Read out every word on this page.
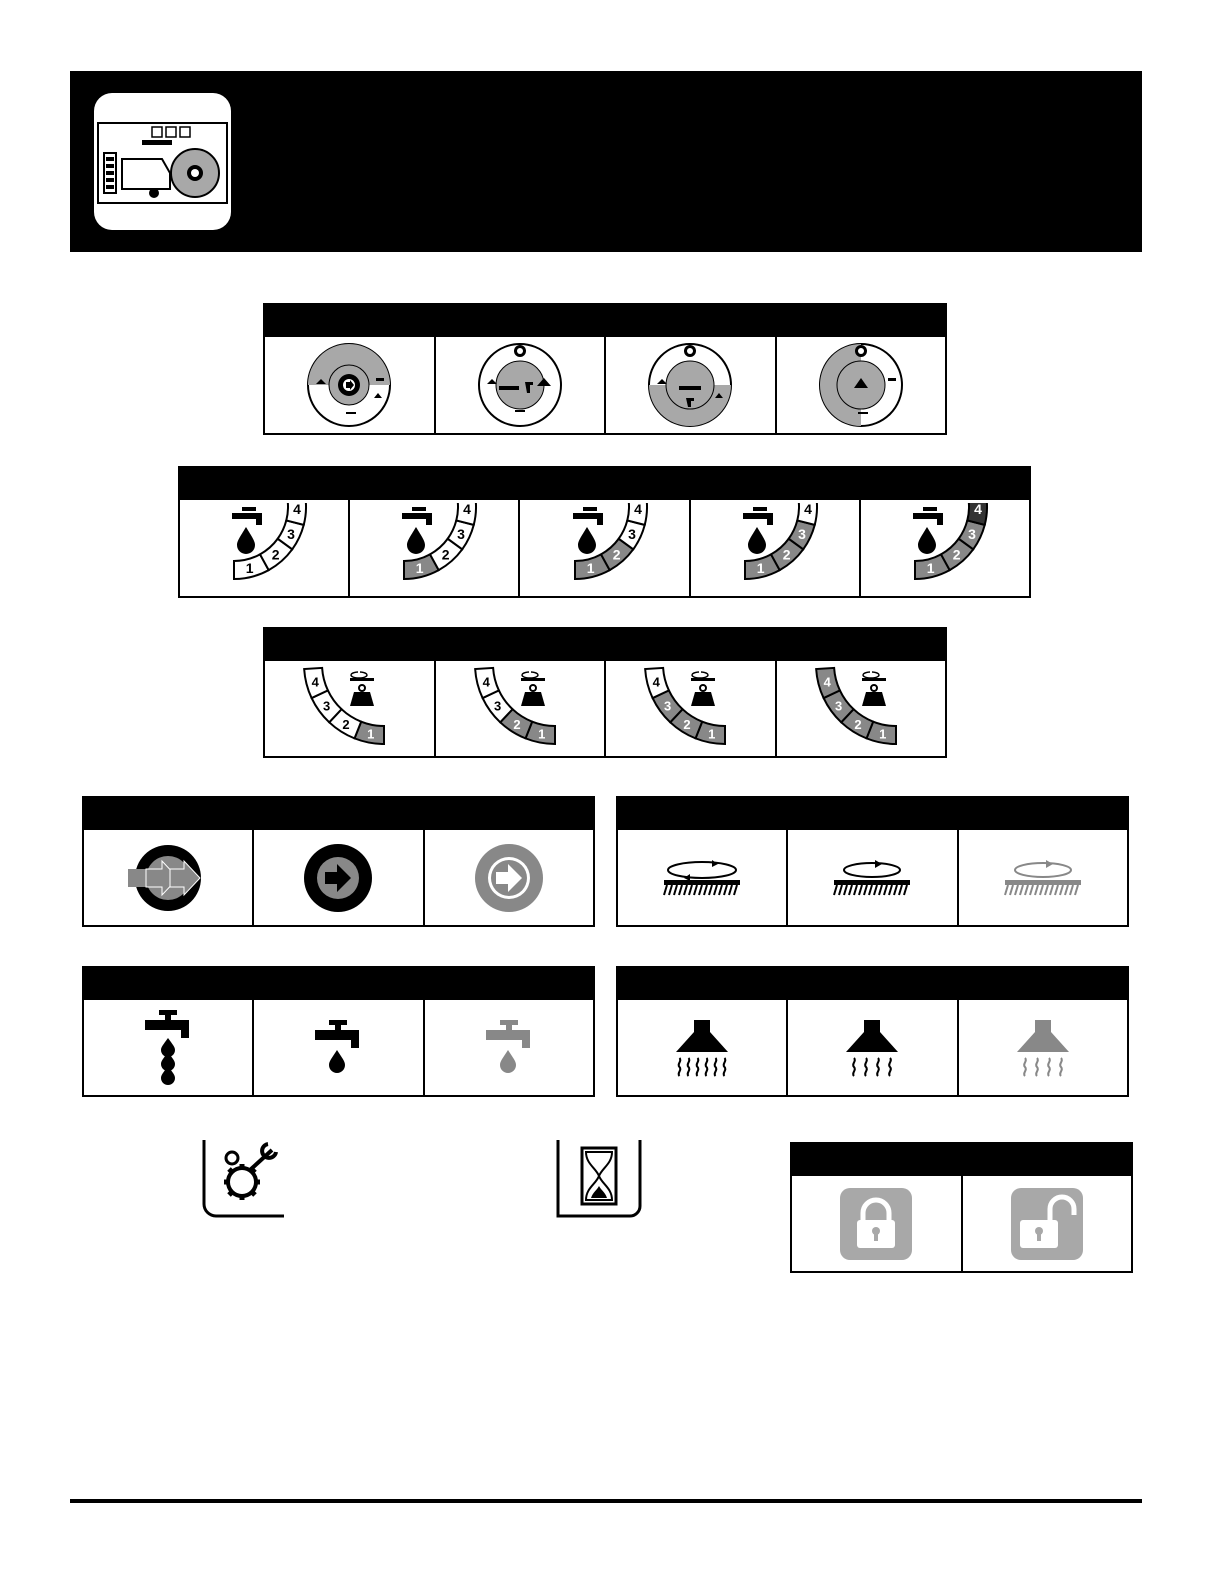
1
2
3
4
1
2
3
4
1
2
3
4
1
2
3
4
1
2
3
4
1
2
3
4
1
2
3
4
1
2
3
4
1
2
3
4
